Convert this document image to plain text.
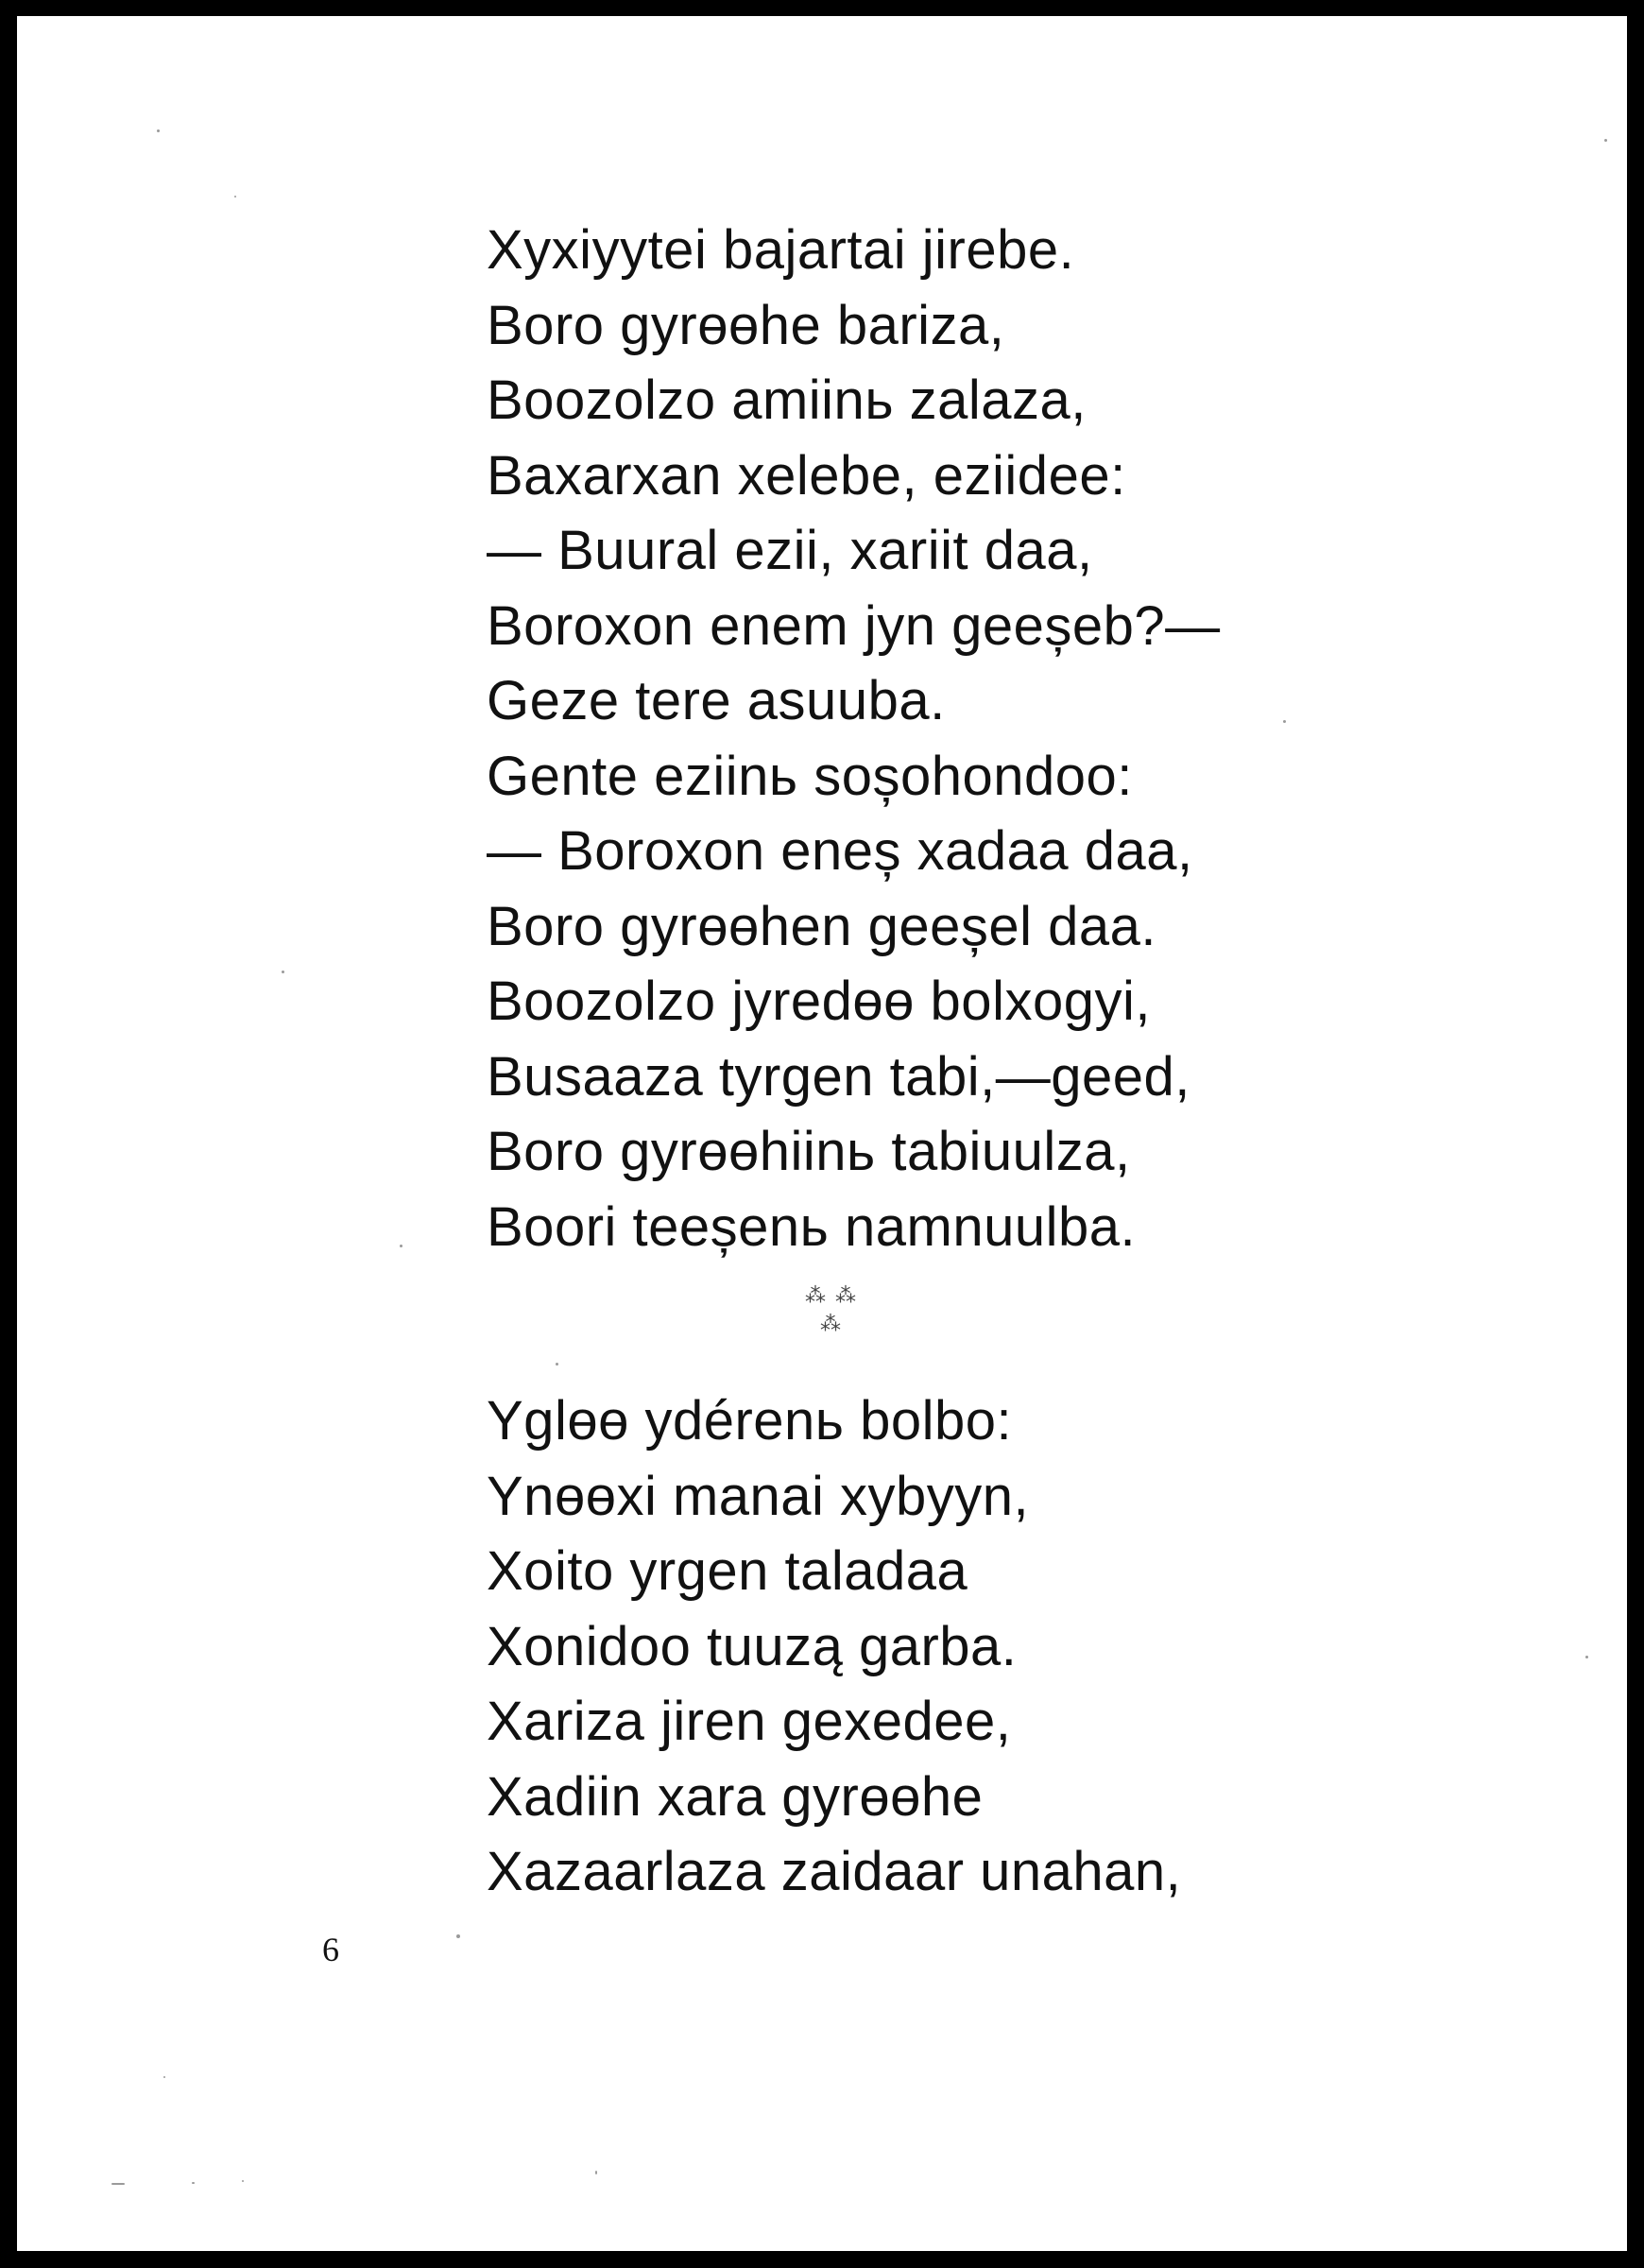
Xyxiyytei bajartai jirebe.
Boro gyrөөhe bariza,
Boozolzo amiinь zalaza,
Baxarxan xelebe, eziidee:
— Buural ezii, xariit daa,
Boroxon enem jyn geeșeb?—
Geze tere asuuba.
Gente eziinь soșohondoo:
— Boroxon eneș xadaa daa,
Boro gyrөөhen geeșel daa.
Boozolzo jyredөө bolxogyi,
Busaaza tyrgen tabi,—geed,
Boro gyrөөhiinь tabiuulza,
Boori teeșenь namnuulba.
⁂ ⁂
⁂
Yglөө ydérenь bolbo:
Ynөөxi manai xybyyn,
Xoito yrgen taladaa
Xonidoo tuuzą garba.
Xariza jiren gexedee,
Xadiin xara gyrөөhe
Xazaarlaza zaidaar unahan,
6
